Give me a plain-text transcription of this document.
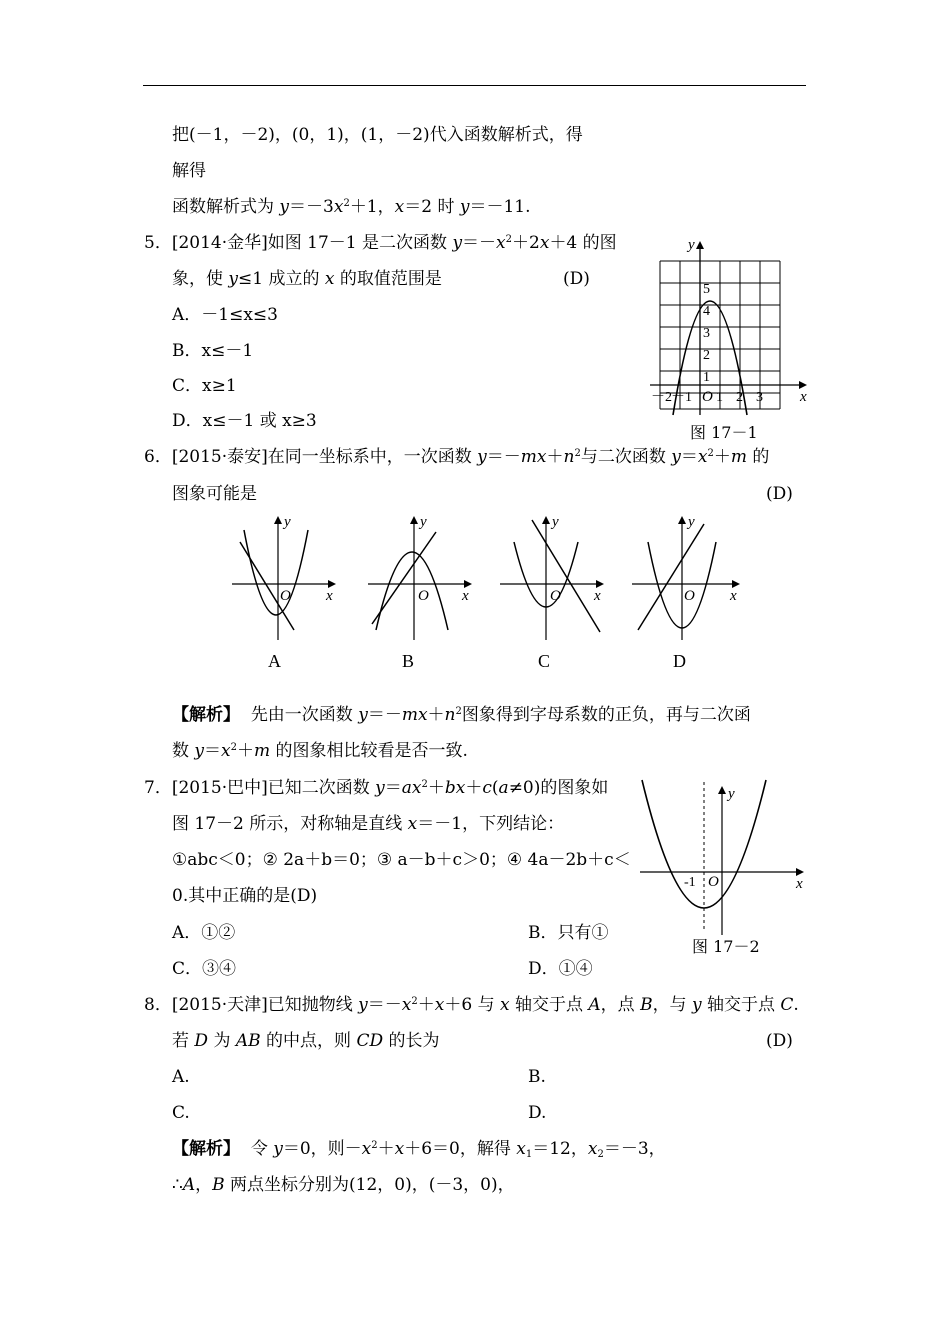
把(－1，－2)，(0，1)，(1，－2)代入函数解析式，得
解得
函数解析式为 $y=-3x^2+1$，x＝2 时 y＝－11.
5．[2014·金华]如图 17－1 是二次函数 $y=-x^2+2x+4$ 的图
象，使 y≤1 成立的 x 的取值范围是	(D)
A．－1≤x≤3
B．x≤－1
C．x≥1
D．x≤－1 或 x≥3
y
x
O
5
4
3
2
1
－2 －1 1 2 3
图 17－1
6．[2015·泰安]在同一坐标系中，一次函数 $y=-mx+n^2$与二次函数 $y=x^2+m$ 的
图象可能是	(D)
y
x
O
A
y
x
O
B
y
x
O
C
y
x
O
D
【解析】 先由一次函数 $y=-mx+n^2$图象得到字母系数的正负，再与二次函
数 $y=x^2+m$ 的图象相比较看是否一致.
7．[2015·巴中]已知二次函数 $y=ax^2+bx+c(a\ne 0)$的图象如
图 17－2 所示，对称轴是直线 x＝－1，下列结论：
①abc＜0；② 2a＋b＝0；③ a－b＋c＞0；④ 4a－2b＋c＜
0.其中正确的是(D)
A．①②	B．只有①
C．③④	D．①④
y
x
O
-1
图 17－2
8．[2015·天津]已知抛物线 $y=-x^2+x+6$ 与 x 轴交于点 A，点 B，与 y 轴交于点 C.
若 D 为 AB 的中点，则 CD 的长为	(D)
A.	B.
C.	D.
【解析】 令 y＝0，则$-x^2+x+6=0$，解得 $x_1=12$，$x_2=-3$，
∴A，B 两点坐标分别为(12，0)，(－3，0)，
